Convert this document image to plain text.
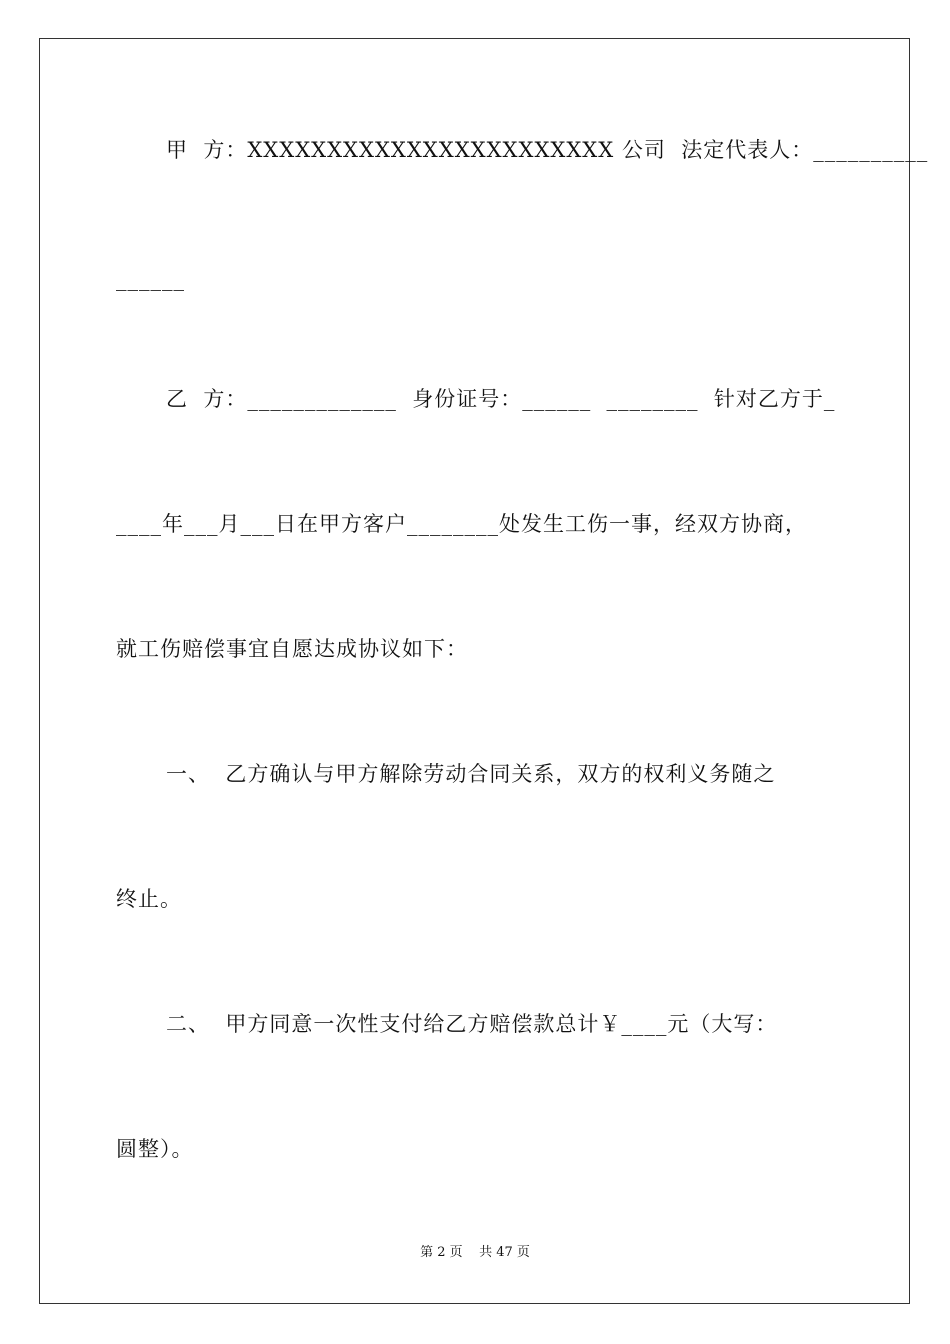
甲  方：XXXXXXXXXXXXXXXXXXXXXXX 公司  法定代表人：__________
______
乙  方：_____________  身份证号：______  ________  针对乙方于_
____年___月___日在甲方客户________处发生工伤一事，经双方协商，
就工伤赔偿事宜自愿达成协议如下：
一、  乙方确认与甲方解除劳动合同关系，双方的权利义务随之
终止。
二、  甲方同意一次性支付给乙方赔偿款总计￥____元（大写：
圆整）。
第 2 页    共 47 页
